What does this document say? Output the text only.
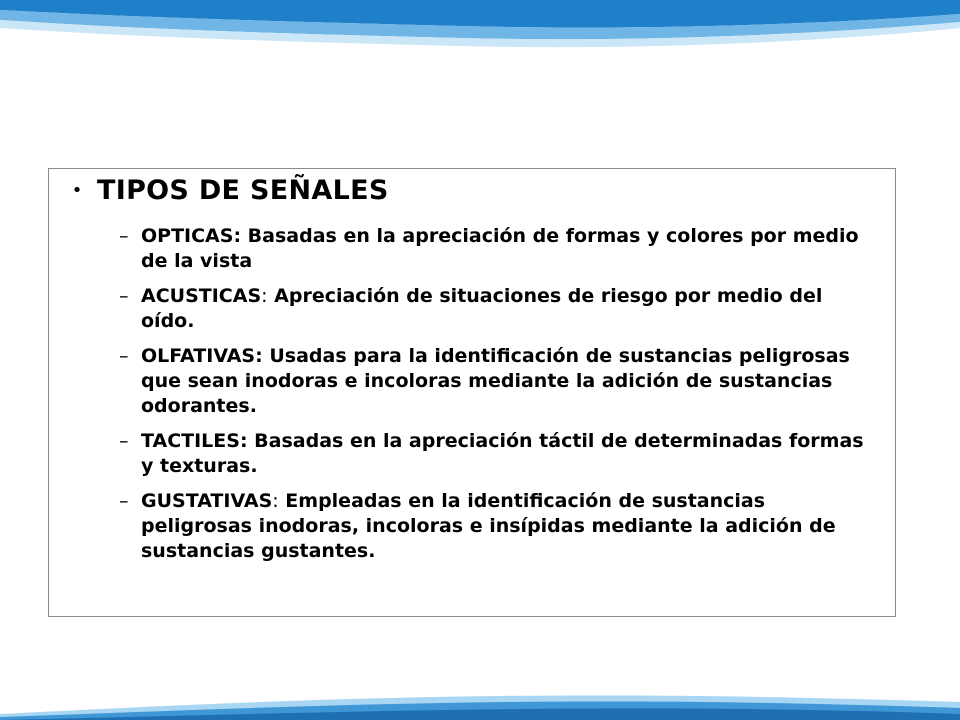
• TIPOS DE SEÑALES
– OPTICAS: Basadas en la apreciación de formas y colores por medio de la vista
– ACUSTICAS: Apreciación de situaciones de riesgo por medio del oído.
– OLFATIVAS: Usadas para la identificación de sustancias peligrosas que sean inodoras e incoloras mediante la adición de sustancias odorantes.
– TACTILES: Basadas en la apreciación táctil de determinadas formas y texturas.
– GUSTATIVAS: Empleadas en la identificación de sustancias peligrosas inodoras, incoloras e insípidas mediante la adición de sustancias gustantes.
